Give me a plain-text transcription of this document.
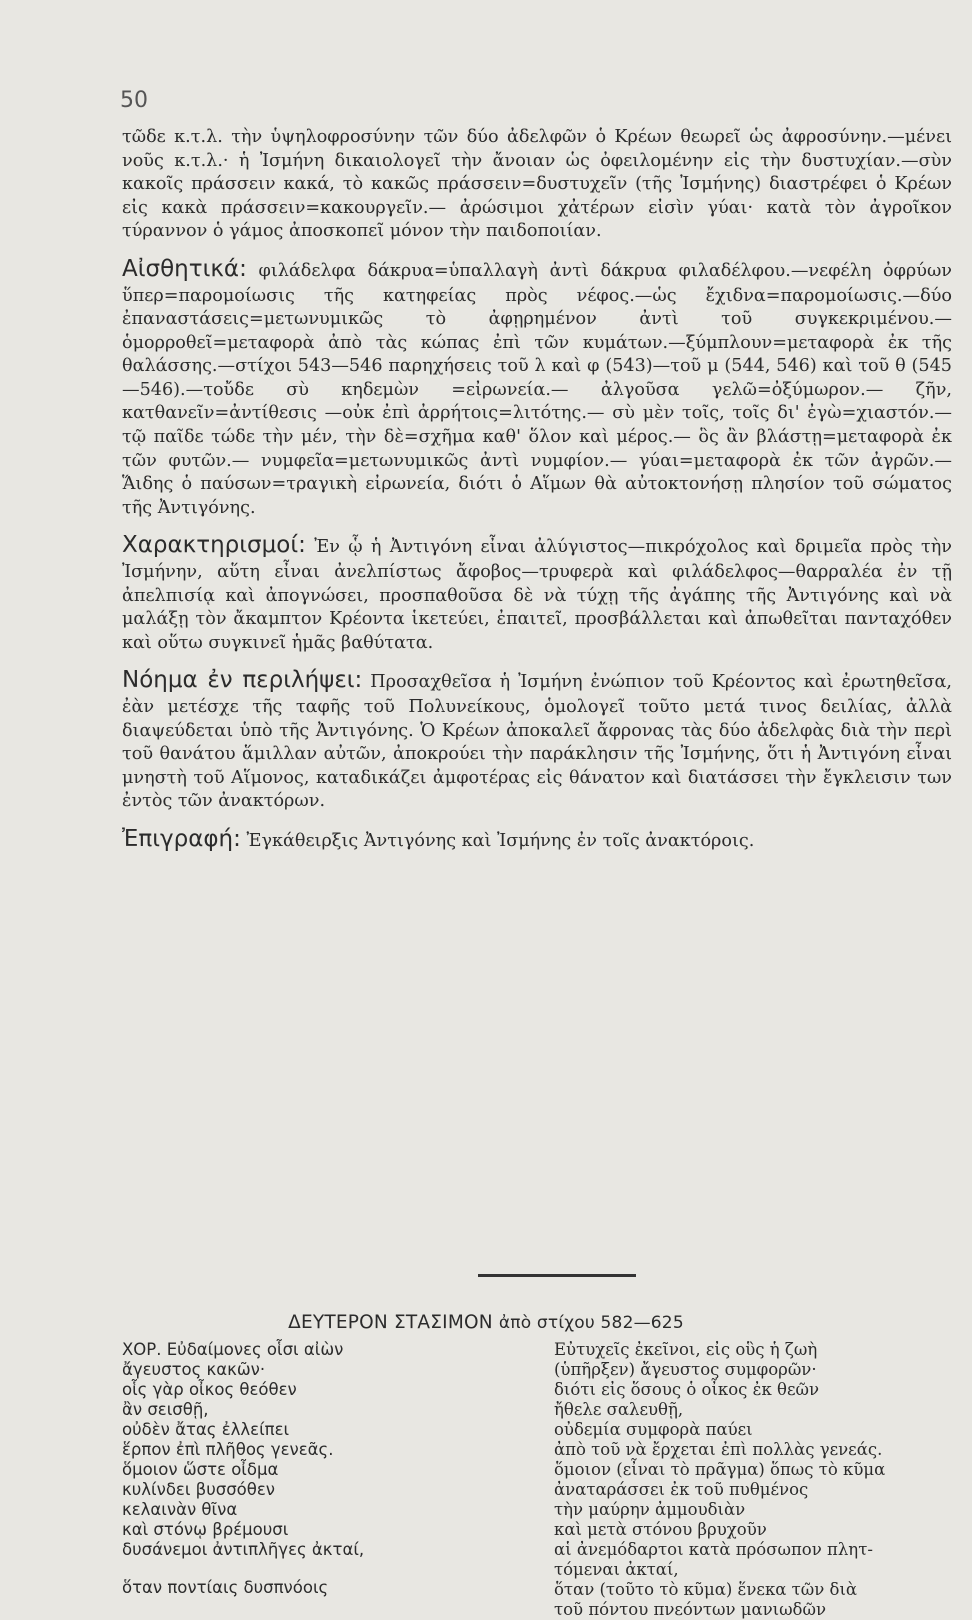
50

τῶδε κ.τ.λ. τὴν ὑψηλοφροσύνην τῶν δύο ἀδελφῶν ὁ Κρέων θεωρεῖ ὡς ἀφροσύνην.—μένει νοῦς κ.τ.λ.· ἡ Ἰσμήνη δικαιολογεῖ τὴν ἄνοιαν ὡς ὀφειλομένην εἰς τὴν δυστυχίαν.—σὺν κακοῖς πράσσειν κακά, τὸ κακῶς πράσσειν=δυστυχεῖν (τῆς Ἰσμήνης) διαστρέφει ὁ Κρέων εἰς κακὰ πράσσειν=κακουργεῖν.— ἀρώσιμοι χἀτέρων εἰσὶν γύαι· κατὰ τὸν ἀγροῖκον τύραννον ὁ γάμος ἀποσκοπεῖ μόνον τὴν παιδοποιίαν.

Αἰσθητικά: φιλάδελφα δάκρυα=ὑπαλλαγὴ ἀντὶ δάκρυα φιλαδέλφου.—νεφέλη ὀφρύων ὕπερ=παρομοίωσις τῆς κατηφείας πρὸς νέφος.—ὡς ἔχιδνα=παρομοίωσις.—δύο ἐπαναστάσεις=μετωνυμικῶς τὸ ἀφῃρημένον ἀντὶ τοῦ συγκεκριμένου.—ὁμορροθεῖ=μεταφορὰ ἀπὸ τὰς κώπας ἐπὶ τῶν κυμάτων.—ξύμπλουν=μεταφορὰ ἐκ τῆς θαλάσσης.—στίχοι 543—546 παρηχήσεις τοῦ λ καὶ φ (543)—τοῦ μ (544, 546) καὶ τοῦ θ (545—546).—τοὔδε σὺ κηδεμὼν =εἰρωνεία.— ἀλγοῦσα γελῶ=ὀξύμωρον.— ζῆν, κατθανεῖν=ἀντίθεσις —οὐκ ἐπὶ ἀρρήτοις=λιτότης.— σὺ μὲν τοῖς, τοῖς δι' ἐγὼ=χιαστόν.— τῷ παῖδε τώδε τὴν μέν, τὴν δὲ=σχῆμα καθ' ὅλον καὶ μέρος.— ὃς ἂν βλάστῃ=μεταφορὰ ἐκ τῶν φυτῶν.— νυμφεῖα=μετωνυμικῶς ἀντὶ νυμφίον.— γύαι=μεταφορὰ ἐκ τῶν ἀγρῶν.— Ἅιδης ὁ παύσων=τραγικὴ εἰρωνεία, διότι ὁ Αἵμων θὰ αὐτοκτονήσῃ πλησίον τοῦ σώματος τῆς Ἀντιγόνης.

Χαρακτηρισμοί: Ἐν ᾧ ἡ Ἀντιγόνη εἶναι ἀλύγιστος—πικρόχολος καὶ δριμεῖα πρὸς τὴν Ἰσμήνην, αὕτη εἶναι ἀνελπίστως ἄφοβος—τρυφερὰ καὶ φιλάδελφος—θαρραλέα ἐν τῇ ἀπελπισίᾳ καὶ ἀπογνώσει, προσπαθοῦσα δὲ νὰ τύχῃ τῆς ἀγάπης τῆς Ἀντιγόνης καὶ νὰ μαλάξῃ τὸν ἄκαμπτον Κρέοντα ἱκετεύει, ἐπαιτεῖ, προσβάλλεται καὶ ἀπωθεῖται πανταχόθεν καὶ οὕτω συγκινεῖ ἡμᾶς βαθύτατα.

Νόημα ἐν περιλήψει: Προσαχθεῖσα ἡ Ἰσμήνη ἐνώπιον τοῦ Κρέοντος καὶ ἐρωτηθεῖσα, ἐὰν μετέσχε τῆς ταφῆς τοῦ Πολυνείκους, ὁμολογεῖ τοῦτο μετά τινος δειλίας, ἀλλὰ διαψεύδεται ὑπὸ τῆς Ἀντιγόνης. Ὁ Κρέων ἀποκαλεῖ ἄφρονας τὰς δύο ἀδελφὰς διὰ τὴν περὶ τοῦ θανάτου ἅμιλλαν αὐτῶν, ἀποκρούει τὴν παράκλησιν τῆς Ἰσμήνης, ὅτι ἡ Ἀντιγόνη εἶναι μνηστὴ τοῦ Αἵμονος, καταδικάζει ἀμφοτέρας εἰς θάνατον καὶ διατάσσει τὴν ἔγκλεισιν των ἐντὸς τῶν ἀνακτόρων.

Ἐπιγραφή: Ἐγκάθειρξις Ἀντιγόνης καὶ Ἰσμήνης ἐν τοῖς ἀνακτόροις.

ΔΕΥΤΕΡΟΝ ΣΤΑΣΙΜΟΝ ἀπὸ στίχου 582—625
ΧΟΡ. Εὐδαίμονες οἷσι αἰὼν
ἄγευστος κακῶν·
οἷς γὰρ οἶκος θεόθεν
ἂν σεισθῇ,
οὐδὲν ἄτας ἐλλείπει
ἕρπον ἐπὶ πλῆθος γενεᾶς.
ὅμοιον ὥστε οἶδμα
κυλίνδει βυσσόθεν
κελαινὰν θῖνα
καὶ στόνῳ βρέμουσι
δυσάνεμοι ἀντιπλῆγες ἀκταί,
ὅταν ποντίαις δυσπνόοις
Εὐτυχεῖς ἐκεῖνοι, εἰς οὓς ἡ ζωὴ
(ὑπῆρξεν) ἄγευστος συμφορῶν·
διότι εἰς ὅσους ὁ οἶκος ἐκ θεῶν
ἤθελε σαλευθῇ,
οὐδεμία συμφορὰ παύει
ἀπὸ τοῦ νὰ ἔρχεται ἐπὶ πολλὰς γενεάς.
ὅμοιον (εἶναι τὸ πρᾶγμα) ὅπως τὸ κῦμα
ἀναταράσσει ἐκ τοῦ πυθμένος
τὴν μαύρην ἀμμουδιὰν
καὶ μετὰ στόνου βρυχοῦν
αἱ ἀνεμόδαρτοι κατὰ πρόσωπον πλητ-
τόμεναι ἀκταί,
ὅταν (τοῦτο τὸ κῦμα) ἕνεκα τῶν διὰ
τοῦ πόντου πνεόντων μανιωδῶν
